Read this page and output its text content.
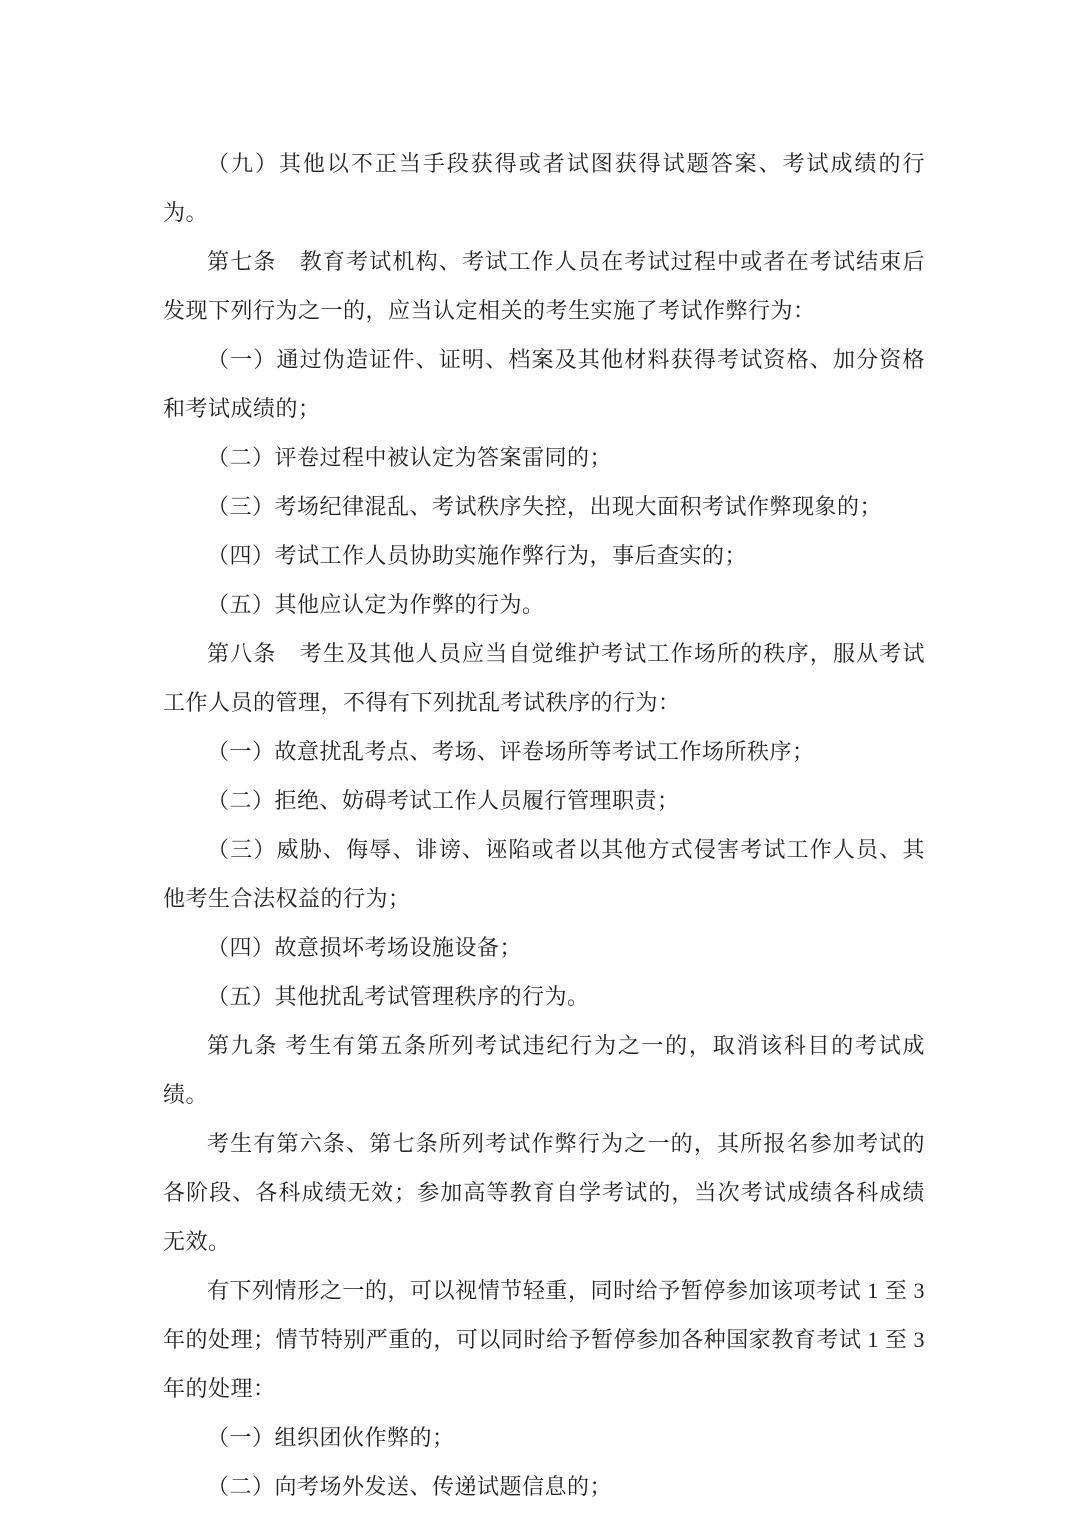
（九）其他以不正当手段获得或者试图获得试题答案、考试成绩的行为。

第七条　教育考试机构、考试工作人员在考试过程中或者在考试结束后发现下列行为之一的，应当认定相关的考生实施了考试作弊行为：

（一）通过伪造证件、证明、档案及其他材料获得考试资格、加分资格和考试成绩的；

（二）评卷过程中被认定为答案雷同的；

（三）考场纪律混乱、考试秩序失控，出现大面积考试作弊现象的；

（四）考试工作人员协助实施作弊行为，事后查实的；

（五）其他应认定为作弊的行为。

第八条　考生及其他人员应当自觉维护考试工作场所的秩序，服从考试工作人员的管理，不得有下列扰乱考试秩序的行为：

（一）故意扰乱考点、考场、评卷场所等考试工作场所秩序；

（二）拒绝、妨碍考试工作人员履行管理职责；

（三）威胁、侮辱、诽谤、诬陷或者以其他方式侵害考试工作人员、其他考生合法权益的行为；

（四）故意损坏考场设施设备；

（五）其他扰乱考试管理秩序的行为。

第九条 考生有第五条所列考试违纪行为之一的，取消该科目的考试成绩。

考生有第六条、第七条所列考试作弊行为之一的，其所报名参加考试的各阶段、各科成绩无效；参加高等教育自学考试的，当次考试成绩各科成绩无效。

有下列情形之一的，可以视情节轻重，同时给予暂停参加该项考试 1 至 3 年的处理；情节特别严重的，可以同时给予暂停参加各种国家教育考试 1 至 3 年的处理：

（一）组织团伙作弊的；

（二）向考场外发送、传递试题信息的；
